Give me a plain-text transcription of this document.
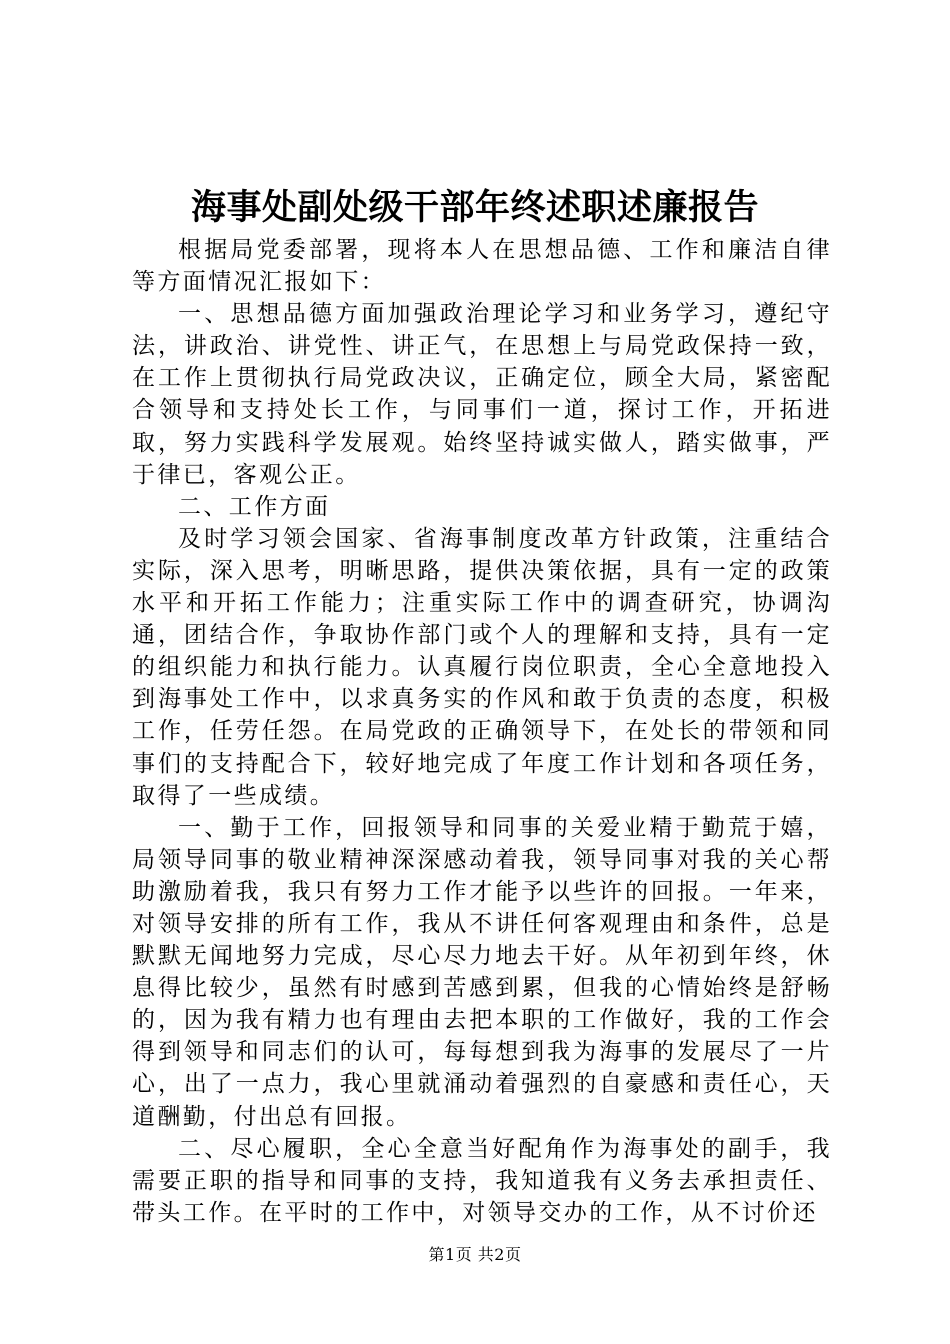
海事处副处级干部年终述职述廉报告

根据局党委部署，现将本人在思想品德、工作和廉洁自律等方面情况汇报如下：

一、思想品德方面加强政治理论学习和业务学习，遵纪守法，讲政治、讲党性、讲正气，在思想上与局党政保持一致，在工作上贯彻执行局党政决议，正确定位，顾全大局，紧密配合领导和支持处长工作，与同事们一道，探讨工作，开拓进取，努力实践科学发展观。始终坚持诚实做人，踏实做事，严于律已，客观公正。

二、工作方面

及时学习领会国家、省海事制度改革方针政策，注重结合实际，深入思考，明晰思路，提供决策依据，具有一定的政策水平和开拓工作能力；注重实际工作中的调查研究，协调沟通，团结合作，争取协作部门或个人的理解和支持，具有一定的组织能力和执行能力。认真履行岗位职责，全心全意地投入到海事处工作中，以求真务实的作风和敢于负责的态度，积极工作，任劳任怨。在局党政的正确领导下，在处长的带领和同事们的支持配合下，较好地完成了年度工作计划和各项任务，取得了一些成绩。

一、勤于工作，回报领导和同事的关爱业精于勤荒于嬉，局领导同事的敬业精神深深感动着我，领导同事对我的关心帮助激励着我，我只有努力工作才能予以些许的回报。一年来，对领导安排的所有工作，我从不讲任何客观理由和条件，总是默默无闻地努力完成，尽心尽力地去干好。从年初到年终，休息得比较少，虽然有时感到苦感到累，但我的心情始终是舒畅的，因为我有精力也有理由去把本职的工作做好，我的工作会得到领导和同志们的认可，每每想到我为海事的发展尽了一片心，出了一点力，我心里就涌动着强烈的自豪感和责任心，天道酬勤，付出总有回报。

二、尽心履职，全心全意当好配角作为海事处的副手，我需要正职的指导和同事的支持，我知道我有义务去承担责任、带头工作。在平时的工作中，对领导交办的工作，从不讨价还

第1页 共2页
